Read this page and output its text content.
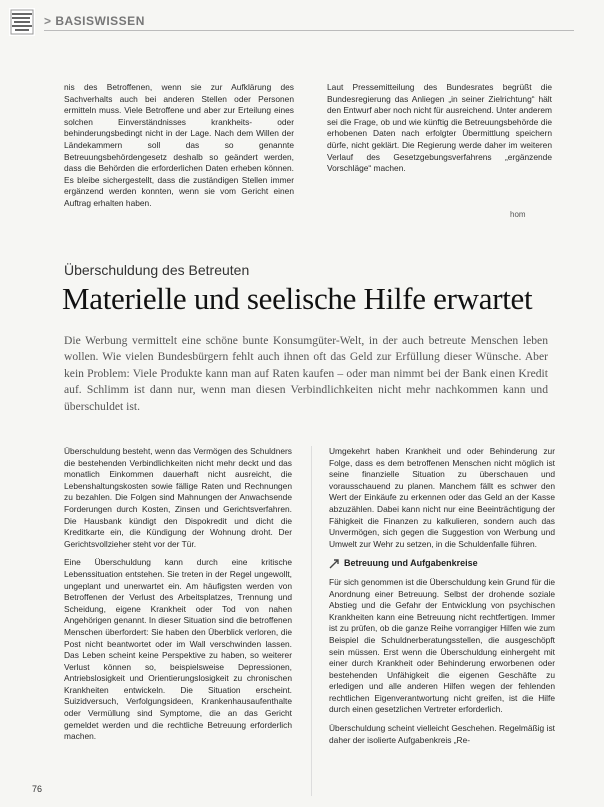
> BASISWISSEN

nis des Betroffenen, wenn sie zur Aufklärung des Sachverhalts auch bei anderen Stellen oder Personen ermitteln muss. Viele Betroffene und aber zur Erteilung eines solchen Einverständnisses krankheits- oder behinderungsbedingt nicht in der Lage. Nach dem Willen der Ländekammern soll das so genannte Betreuungsbehördengesetz deshalb so geändert werden, dass die Behörden die erforderlichen Daten erheben können. Es bleibe sichergestellt, dass die zuständigen Stellen immer ergänzend werden konnten, wenn sie vom Gericht einen Auftrag erhalten haben.

Laut Pressemitteilung des Bundesrates begrüßt die Bundesregierung das Anliegen „in seiner Zielrichtung“ hält den Entwurf aber noch nicht für ausreichend. Unter anderem sei die Frage, ob und wie künftig die Betreuungsbehörde die erhobenen Daten nach erfolgter Übermittlung speichern dürfe, nicht geklärt. Die Regierung werde daher im weiteren Verlauf des Gesetzgebungsverfahrens „ergänzende Vorschläge“ machen.

hom
Überschuldung des Betreuten
Materielle und seelische Hilfe erwartet
Die Werbung vermittelt eine schöne bunte Konsumgüter-Welt, in der auch betreute Menschen leben wollen. Wie vielen Bundesbürgern fehlt auch ihnen oft das Geld zur Erfüllung dieser Wünsche. Aber kein Problem: Viele Produkte kann man auf Raten kaufen – oder man nimmt bei der Bank einen Kredit auf. Schlimm ist dann nur, wenn man diesen Verbindlichkeiten nicht mehr nachkommen kann und überschuldet ist.

Überschuldung besteht, wenn das Vermögen des Schuldners die bestehenden Verbindlichkeiten nicht mehr deckt und das monatlich Einkommen dauerhaft nicht ausreicht, die Lebenshaltungskosten sowie fällige Raten und Rechnungen zu bezahlen. Die Folgen sind Mahnungen der Anwachsende Forderungen durch Kosten, Zinsen und Gerichtsverfahren. Die Hausbank kündigt den Dispokredit und dicht die Kreditkarte ein, die Kündigung der Wohnung droht. Der Gerichtsvollzieher steht vor der Tür.

Eine Überschuldung kann durch eine kritische Lebenssituation entstehen. Sie treten in der Regel ungewollt, ungeplant und unerwartet ein. Am häufigsten werden von Betroffenen der Verlust des Arbeitsplatzes, Trennung und Scheidung, eigene Krankheit oder Tod von nahen Angehörigen genannt. In dieser Situation sind die betroffenen Menschen überfordert: Sie haben den Überblick verloren, die Post nicht beantwortet oder im Wall verschwinden lassen. Das Leben scheint keine Perspektive zu haben, so weiterer Verlust können so, beispielsweise Depressionen, Antriebslosigkeit und Orientierungslosigkeit zu chronischen Krankheiten entwickeln. Die Situation erscheint. Suizidversuch, Verfolgungsideen, Krankenhausaufenthalte oder Vermüllung sind Symptome, die an das Gericht gemeldet werden und die rechtliche Betreuung erforderlich machen.

Umgekehrt haben Krankheit und oder Behinderung zur Folge, dass es dem betroffenen Menschen nicht möglich ist seine finanzielle Situation zu überschauen und vorausschauend zu planen. Manchem fällt es schwer den Wert der Einkäufe zu erkennen oder das Geld an der Kasse abzuzählen. Dabei kann nicht nur eine Beeinträchtigung der Fähigkeit die Finanzen zu kalkulieren, sondern auch das Unvermögen, sich gegen die Suggestion von Werbung und Umwelt zur Wehr zu setzen, in die Schuldenfalle führen.

Betreuung und Aufgabenkreise

Für sich genommen ist die Überschuldung kein Grund für die Anordnung einer Betreuung. Selbst der drohende soziale Abstieg und die Gefahr der Entwicklung von psychischen Krankheiten kann eine Betreuung nicht rechtfertigen. Immer ist zu prüfen, ob die ganze Reihe vorrangiger Hilfen wie zum Beispiel die Schuldnerberatungsstellen, die ausgeschöpft sein müssen. Erst wenn die Überschuldung einhergeht mit einer durch Krankheit oder Behinderung erworbenen oder bestehenden Unfähigkeit die eigenen Geschäfte zu erledigen und alle anderen Hilfen wegen der fehlenden rechtlichen Eigenverantwortung nicht greifen, ist die Hilfe durch einen gesetzlichen Vertreter erforderlich.

Überschuldung scheint vielleicht Geschehen. Regelmäßig ist daher der isolierte Aufgabenkreis „Re-

76
